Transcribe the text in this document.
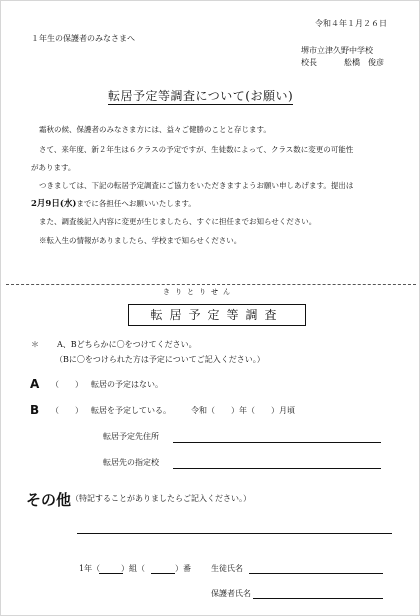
令和４年１月２６日
１年生の保護者のみなさまへ
堺市立津久野中学校
校長	舩橋　俊彦
転居予定等調査について(お願い)
霜秋の候、保護者のみなさま方には、益々ご健勝のことと存じます。
さて、来年度、新２年生は６クラスの予定ですが、生徒数によって、クラス数に変更の可能性
があります。
つきましては、下記の転居予定調査にご協力をいただきますようお願い申しあげます。提出は
2月9日(水)までに各担任へお願いいたします。
また、調査後記入内容に変更が生じましたら、すぐに担任までお知らせください。
※転入生の情報がありましたら、学校まで知らせください。
きりとりせん
転居予定等調査
＊ A、Bどちらかに〇をつけてください。
（Bに〇をつけられた方は予定についてご記入ください。）
A （　　） 転居の予定はない。
B （　　） 転居を予定している。	令和（　　）年（　　）月頃
転居予定先住所
転居先の指定校
その他 （特記することがありましたらご記入ください。）
1年（	）組（	）番	生徒氏名
保護者氏名
